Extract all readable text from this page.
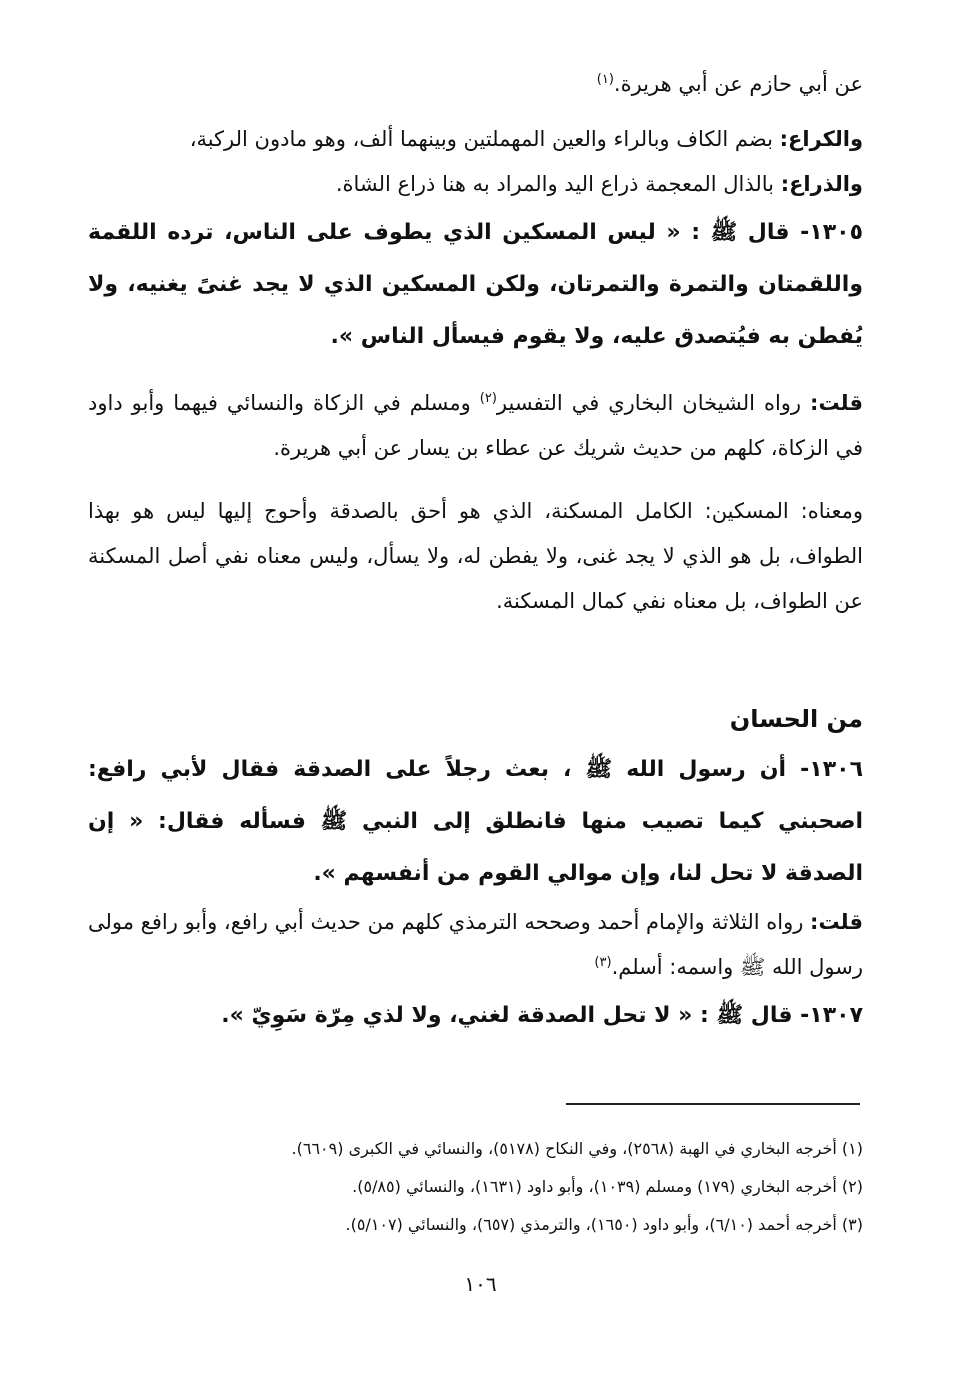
عن أبي حازم عن أبي هريرة.$^{(١)}$

والكراع: بضم الكاف وبالراء والعين المهملتين وبينهما ألف، وهو مادون الركبة،

والذراع: بالذال المعجمة ذراع اليد والمراد به هنا ذراع الشاة.

١٣٠٥- قال ﷺ : « ليس المسكين الذي يطوف على الناس، ترده اللقمة واللقمتان والتمرة والتمرتان، ولكن المسكين الذي لا يجد غنىً يغنيه، ولا يُفطن به فيُتصدق عليه، ولا يقوم فيسأل الناس ».

قلت: رواه الشيخان البخاري في التفسير$^{(٢)}$ ومسلم في الزكاة والنسائي فيهما وأبو داود في الزكاة، كلهم من حديث شريك عن عطاء بن يسار عن أبي هريرة.

ومعناه: المسكين: الكامل المسكنة، الذي هو أحق بالصدقة وأحوج إليها ليس هو بهذا الطواف، بل هو الذي لا يجد غنى، ولا يفطن له، ولا يسأل، وليس معناه نفي أصل المسكنة عن الطواف، بل معناه نفي كمال المسكنة.

من الحسان

١٣٠٦- أن رسول الله ﷺ ، بعث رجلاً على الصدقة فقال لأبي رافع: اصحبني كيما تصيب منها فانطلق إلى النبي ﷺ فسأله فقال: « إن الصدقة لا تحل لنا، وإن موالي القوم من أنفسهم ».

قلت: رواه الثلاثة والإمام أحمد وصححه الترمذي كلهم من حديث أبي رافع، وأبو رافع مولى رسول الله ﷺ واسمه: أسلم.$^{(٣)}$

١٣٠٧- قال ﷺ : « لا تحل الصدقة لغني، ولا لذي مِرّة سَوِيّ ».

(١) أخرجه البخاري في الهبة (٢٥٦٨)، وفي النكاح (٥١٧٨)، والنسائي في الكبرى (٦٦٠٩).
(٢) أخرجه البخاري (١٧٩) ومسلم (١٠٣٩)، وأبو داود (١٦٣١)، والنسائي (٥/٨٥).
(٣) أخرجه أحمد (٦/١٠)، وأبو داود (١٦٥٠)، والترمذي (٦٥٧)، والنسائي (٥/١٠٧).
١٠٦
